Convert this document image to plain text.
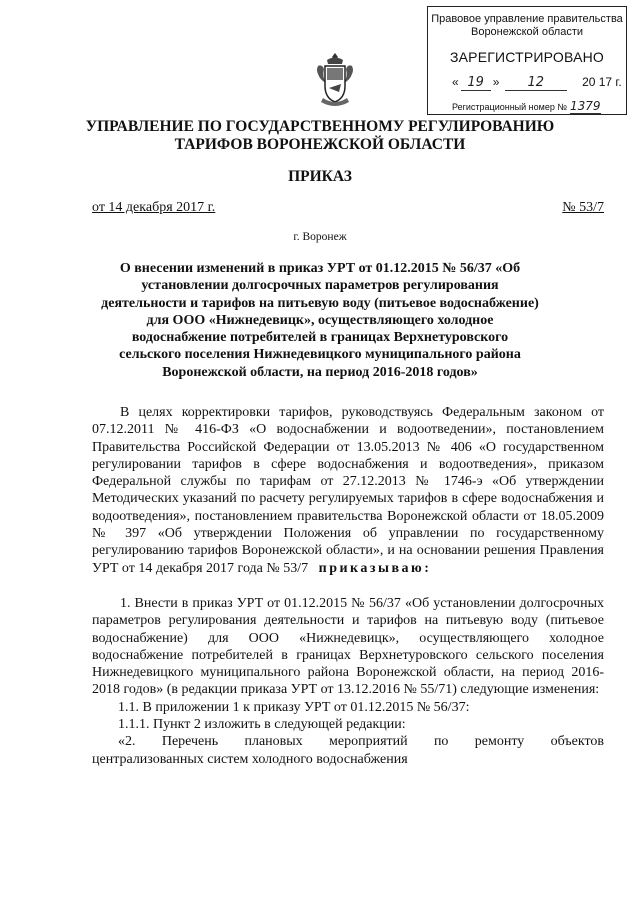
Правовое управление правительства
Воронежской области
ЗАРЕГИСТРИРОВАНО
« 19 » 12	20 17 г.
Регистрационный номер № 1379
УПРАВЛЕНИЕ ПО ГОСУДАРСТВЕННОМУ РЕГУЛИРОВАНИЮ
ТАРИФОВ ВОРОНЕЖСКОЙ ОБЛАСТИ
ПРИКАЗ
от 14 декабря 2017 г.	№ 53/7
г. Воронеж
О внесении изменений в приказ УРТ от 01.12.2015 № 56/37 «Об установлении долгосрочных параметров регулирования деятельности и тарифов на питьевую воду (питьевое водоснабжение) для ООО «Нижнедевицк», осуществляющего холодное водоснабжение потребителей в границах Верхнетуровского сельского поселения Нижнедевицкого муниципального района Воронежской области, на период 2016-2018 годов»

В целях корректировки тарифов, руководствуясь Федеральным законом от 07.12.2011 № 416-ФЗ «О водоснабжении и водоотведении», постановлением Правительства Российской Федерации от 13.05.2013 № 406 «О государственном регулировании тарифов в сфере водоснабжения и водоотведения», приказом Федеральной службы по тарифам от 27.12.2013 № 1746-э «Об утверждении Методических указаний по расчету регулируемых тарифов в сфере водоснабжения и водоотведения», постановлением правительства Воронежской области от 18.05.2009 № 397 «Об утверждении Положения об управлении по государственному регулированию тарифов Воронежской области», и на основании решения Правления УРТ от 14 декабря 2017 года № 53/7 приказываю:

1. Внести в приказ УРТ от 01.12.2015 № 56/37 «Об установлении долгосрочных параметров регулирования деятельности и тарифов на питьевую воду (питьевое водоснабжение) для ООО «Нижнедевицк», осуществляющего холодное водоснабжение потребителей в границах Верхнетуровского сельского поселения Нижнедевицкого муниципального района Воронежской области, на период 2016-2018 годов» (в редакции приказа УРТ от 13.12.2016 № 55/71) следующие изменения:

1.1. В приложении 1 к приказу УРТ от 01.12.2015 № 56/37:

1.1.1. Пункт 2 изложить в следующей редакции:

«2. Перечень плановых мероприятий по ремонту объектов

централизованных систем холодного водоснабжения
